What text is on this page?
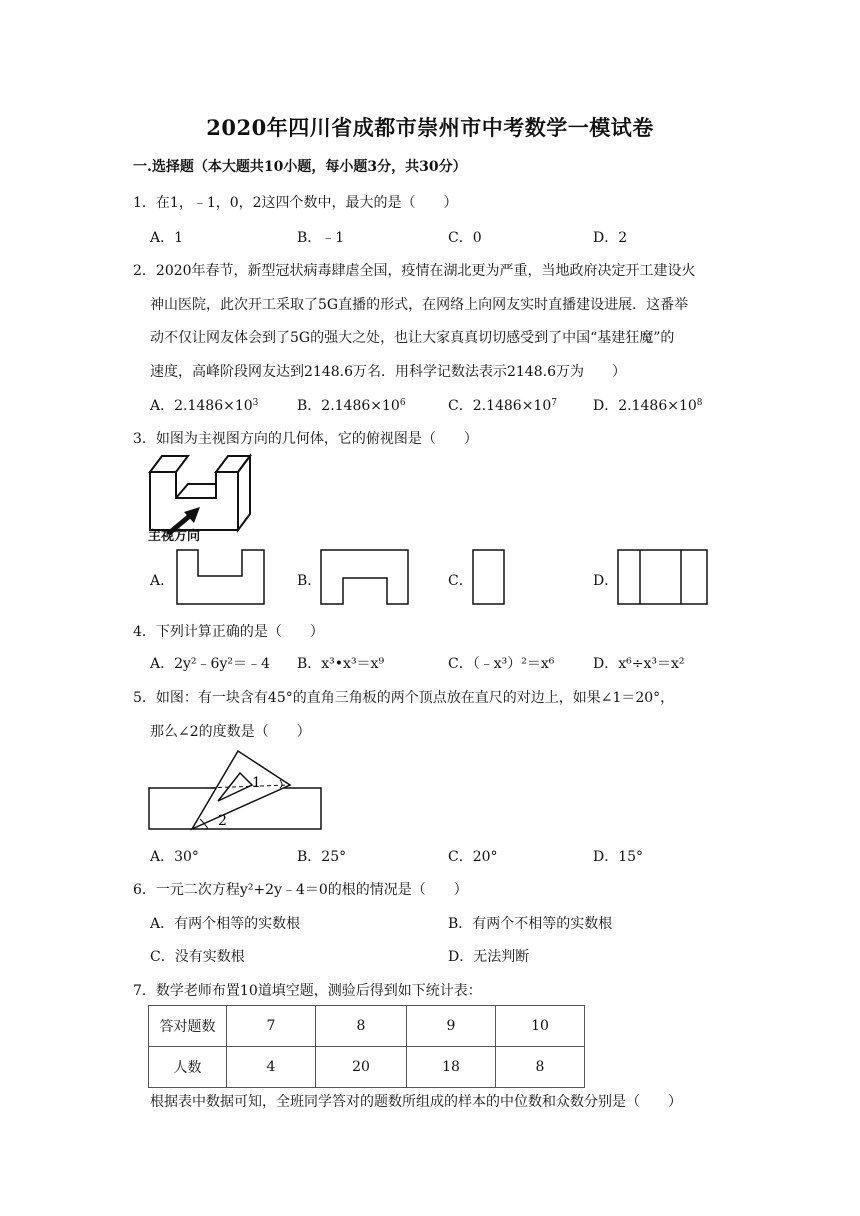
2020年四川省成都市崇州市中考数学一模试卷
一.选择题（本大题共10小题，每小题3分，共30分）
1．在1，﹣1，0，2这四个数中，最大的是（　　）
A．1	B．﹣1	C．0	D．2
2．2020年春节，新型冠状病毒肆虐全国，疫情在湖北更为严重，当地政府决定开工建设火
神山医院，此次开工采取了5G直播的形式，在网络上向网友实时直播建设进展．这番举
动不仅让网友体会到了5G的强大之处，也让大家真真切切感受到了中国“基建狂魔”的
速度，高峰阶段网友达到2148.6万名．用科学记数法表示2148.6万为　　）
A．$2.1486\times 10^3$	B．$2.1486\times 10^6$	C．$2.1486\times 10^7$	D．$2.1486\times 10^8$
3．如图为主视图方向的几何体，它的俯视图是（　　）
主视方向
A．	B．	C．	D．
4．下列计算正确的是（　　）
A．2y²﹣6y²＝﹣4 B．x³•x³＝x⁹	C．（﹣x³）²＝x⁶	D．x⁶÷x³＝x²
5．如图：有一块含有45°的直角三角板的两个顶点放在直尺的对边上，如果∠1＝20°，
那么∠2的度数是（　　）
1
2
A．30°	B．25°	C．20°	D．15°
6．一元二次方程y²+2y﹣4＝0的根的情况是（　　）
A．有两个相等的实数根	B．有两个不相等的实数根
C．没有实数根	D．无法判断
7．数学老师布置10道填空题，测验后得到如下统计表：
答对题数	7	8	9	10
人数	4	20	18	8
根据表中数据可知，全班同学答对的题数所组成的样本的中位数和众数分别是（　　）
